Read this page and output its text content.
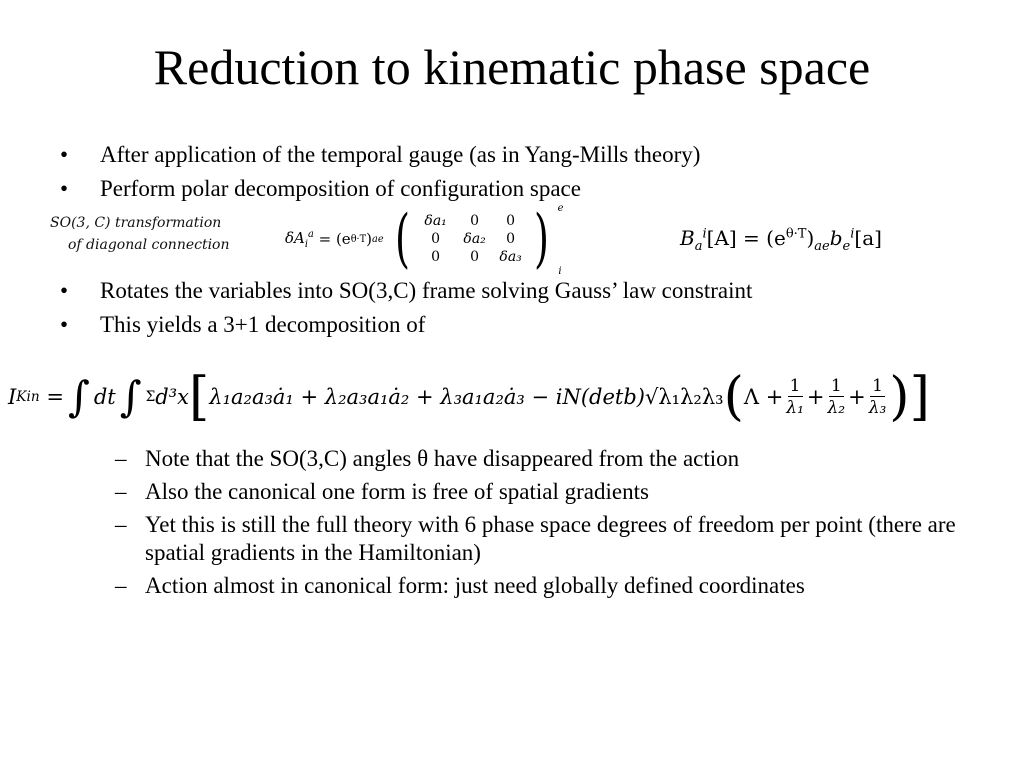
Reduction to kinematic phase space
• After application of the temporal gauge (as in Yang-Mills theory)
• Perform polar decomposition of configuration space
SO(3, C) transformation
of diagonal connection	$\delta A_i^a = (e$ θ·T ) ae (	δa₁	0	0
0	δa₂	0
0	0	δa₃ ) e
i
$B_a^i[A] = (e^{\theta\cdot T})_{ae}b_e^i[a]$
• Rotates the variables into SO(3,C) frame solving Gauss’ law constraint
• This yields a 3+1 decomposition of
I Kin
= ∫ dt ∫ Σ d³x [ λ₁a₂a₃ȧ₁ + λ₂a₃a₁ȧ₂ + λ₃a₁a₂ȧ₃ − iN(detb) √λ₁λ₂λ₃ ( $\Lambda + \frac{1}{\text{λ₁}} + \frac{1}{\text{λ₂}} + \frac{1}{\text{λ₃}}$ )]
– Note that the SO(3,C) angles θ have disappeared from the action
– Also the canonical one form is free of spatial gradients
– Yet this is still the full theory with 6 phase space degrees of freedom per point (there are spatial gradients in the Hamiltonian)
– Action almost in canonical form: just need globally defined coordinates
